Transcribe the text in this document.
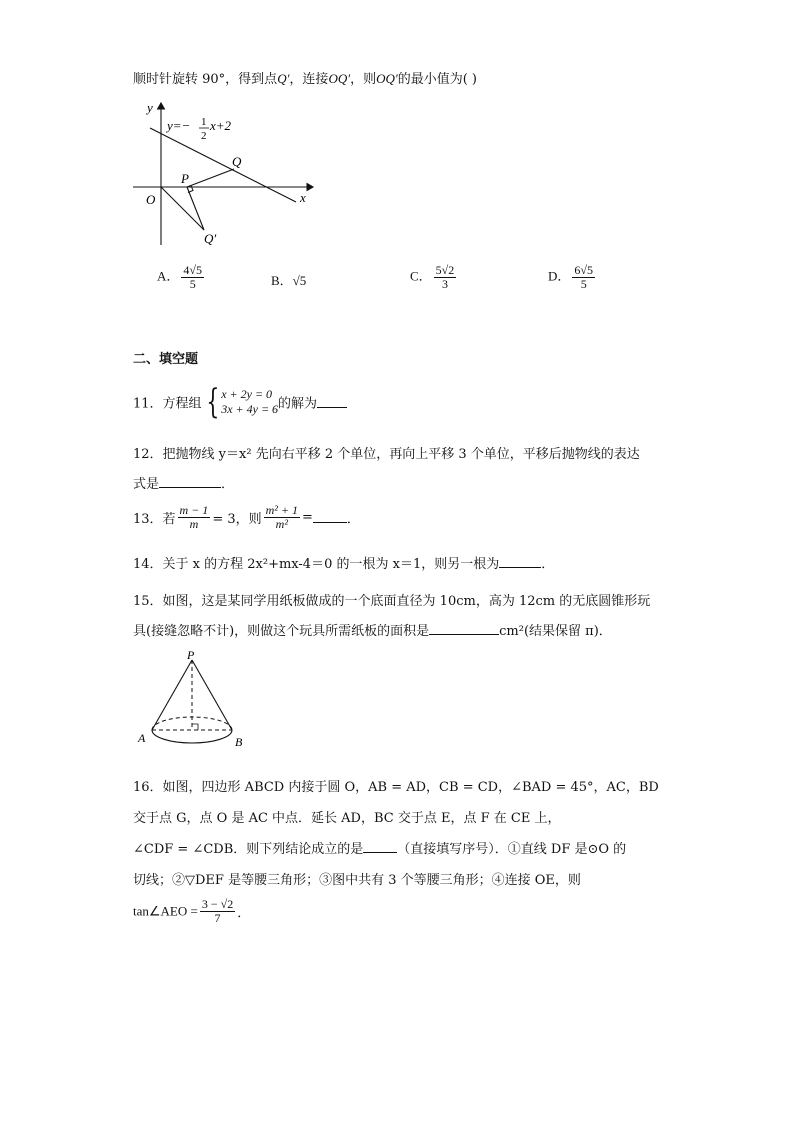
顺时针旋转 90°，得到点Q′，连接OQ′，则OQ′的最小值为( )
y
x
O
P
Q
Q′
y=− 1
2
x+2
A． $\frac{4√5}{5}$	B．√5	C． $\frac{5√2}{3}$	D． $\frac{6√5}{5}$
二、填空题
11．方程组 { x + 2y = 0
3x + 4y = 6 的解为
12．把抛物线 y＝x² 先向右平移 2 个单位，再向上平移 3 个单位，平移后抛物线的表达
式是	．
13．若 $\frac{m - 1}{m} = 3$，则 $\frac{\text{m² + 1}}{\text{m²}}$ =	．
14．关于 x 的方程 2x²+mx-4＝0 的一根为 x＝1，则另一根为	．
15．如图，这是某同学用纸板做成的一个底面直径为 10cm，高为 12cm 的无底圆锥形玩
具(接缝忽略不计)，则做这个玩具所需纸板的面积是	cm²(结果保留 π)．
P
A	B
16．如图，四边形 ABCD 内接于圆 O，AB = AD，CB = CD，∠BAD = 45°，AC，BD
交于点 G，点 O 是 AC 中点．延长 AD，BC 交于点 E，点 F 在 CE 上，
∠CDF = ∠CDB．则下列结论成立的是	（直接填写序号）．①直线 DF 是⊙O 的
切线；②▽DEF 是等腰三角形；③图中共有 3 个等腰三角形；④连接 OE，则
tan∠AEO = $\frac{3 - √2}{7}$ ．
